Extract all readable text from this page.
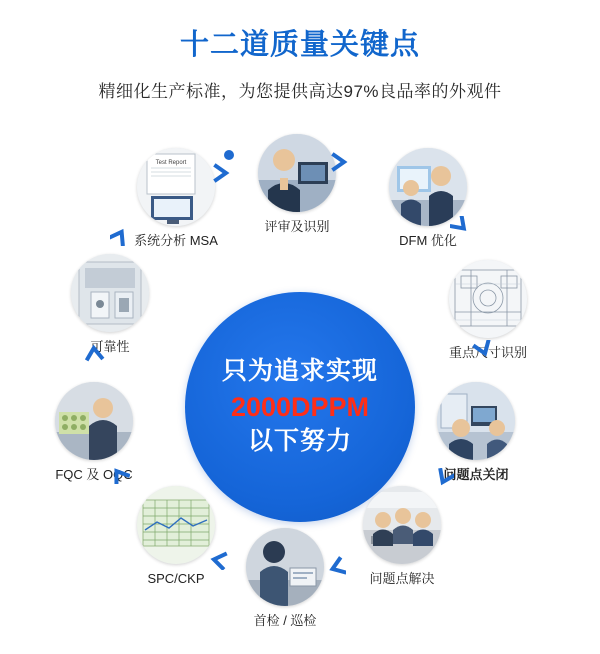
十二道质量关键点
精细化生产标准，为您提供高达97%良品率的外观件
只为追求实现
2000DPPM
以下努力
评审及识别
DFM 优化
重点尺寸识别
问题点关闭
问题点解决
首检 / 巡检
SPC/CKP
FQC 及 OQC
可靠性
Test Report
系统分析 MSA
